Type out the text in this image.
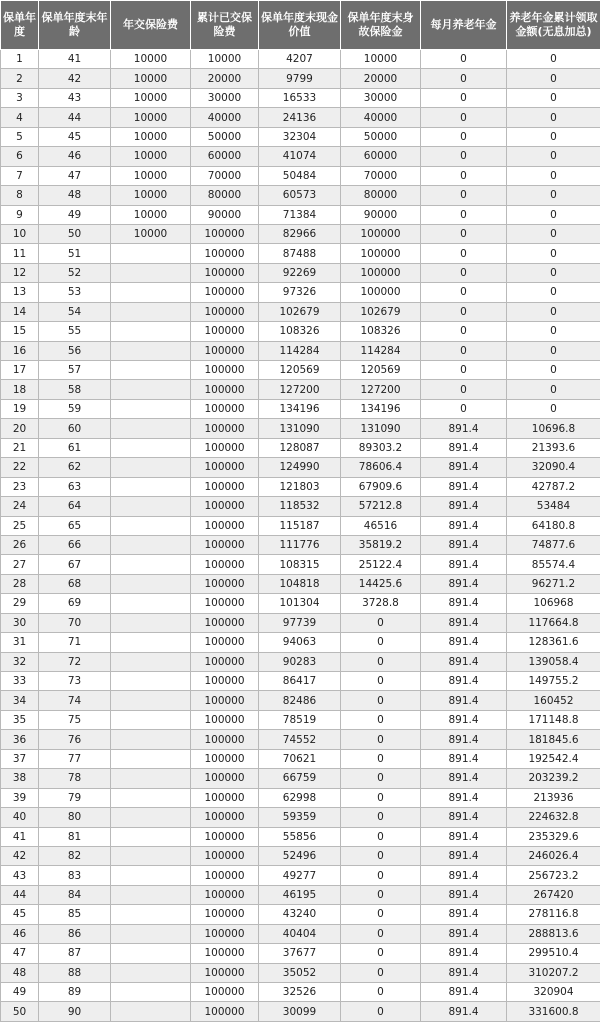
保单年度	保单年度末年龄	年交保险费	累计已交保险费	保单年度末现金价值	保单年度末身故保险金	每月养老年金	养老年金累计领取金额(无息加总)
1	41	10000	10000	4207	10000	0	0
2	42	10000	20000	9799	20000	0	0
3	43	10000	30000	16533	30000	0	0
4	44	10000	40000	24136	40000	0	0
5	45	10000	50000	32304	50000	0	0
6	46	10000	60000	41074	60000	0	0
7	47	10000	70000	50484	70000	0	0
8	48	10000	80000	60573	80000	0	0
9	49	10000	90000	71384	90000	0	0
10	50	10000	100000	82966	100000	0	0
11	51		100000	87488	100000	0	0
12	52		100000	92269	100000	0	0
13	53		100000	97326	100000	0	0
14	54		100000	102679	102679	0	0
15	55		100000	108326	108326	0	0
16	56		100000	114284	114284	0	0
17	57		100000	120569	120569	0	0
18	58		100000	127200	127200	0	0
19	59		100000	134196	134196	0	0
20	60		100000	131090	131090	891.4	10696.8
21	61		100000	128087	89303.2	891.4	21393.6
22	62		100000	124990	78606.4	891.4	32090.4
23	63		100000	121803	67909.6	891.4	42787.2
24	64		100000	118532	57212.8	891.4	53484
25	65		100000	115187	46516	891.4	64180.8
26	66		100000	111776	35819.2	891.4	74877.6
27	67		100000	108315	25122.4	891.4	85574.4
28	68		100000	104818	14425.6	891.4	96271.2
29	69		100000	101304	3728.8	891.4	106968
30	70		100000	97739	0	891.4	117664.8
31	71		100000	94063	0	891.4	128361.6
32	72		100000	90283	0	891.4	139058.4
33	73		100000	86417	0	891.4	149755.2
34	74		100000	82486	0	891.4	160452
35	75		100000	78519	0	891.4	171148.8
36	76		100000	74552	0	891.4	181845.6
37	77		100000	70621	0	891.4	192542.4
38	78		100000	66759	0	891.4	203239.2
39	79		100000	62998	0	891.4	213936
40	80		100000	59359	0	891.4	224632.8
41	81		100000	55856	0	891.4	235329.6
42	82		100000	52496	0	891.4	246026.4
43	83		100000	49277	0	891.4	256723.2
44	84		100000	46195	0	891.4	267420
45	85		100000	43240	0	891.4	278116.8
46	86		100000	40404	0	891.4	288813.6
47	87		100000	37677	0	891.4	299510.4
48	88		100000	35052	0	891.4	310207.2
49	89		100000	32526	0	891.4	320904
50	90		100000	30099	0	891.4	331600.8
